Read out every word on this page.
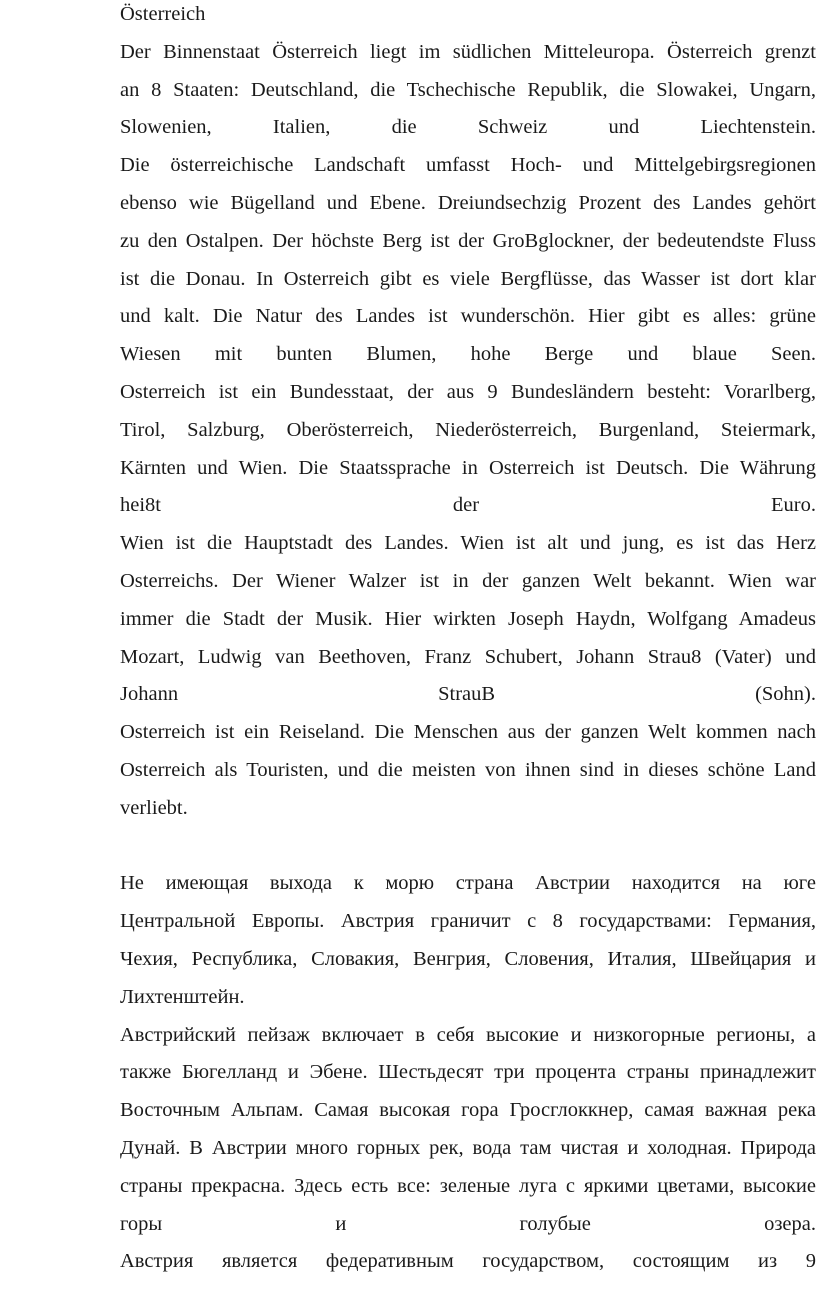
Österreich
Der Binnenstaat Österreich liegt im südlichen Mitteleuropa. Österreich grenzt
an 8 Staaten: Deutschland, die Tschechische Republik, die Slowakei, Ungarn,
Slowenien, Italien, die Schweiz und Liechtenstein.
Die österreichische Landschaft umfasst Hoch- und Mittelgebirgsregionen
ebenso wie Bügelland und Ebene. Dreiundsechzig Prozent des Landes gehört
zu den Ostalpen. Der höchste Berg ist der GroBglockner, der bedeutendste Fluss
ist die Donau. In Osterreich gibt es viele Bergflüsse, das Wasser ist dort klar
und kalt. Die Natur des Landes ist wunderschön. Hier gibt es alles: grüne
Wiesen mit bunten Blumen, hohe Berge und blaue Seen.
Osterreich ist ein Bundesstaat, der aus 9 Bundesländern besteht: Vorarlberg,
Tirol, Salzburg, Oberösterreich, Niederösterreich, Burgenland, Steiermark,
Kärnten und Wien. Die Staatssprache in Osterreich ist Deutsch. Die Währung
hei8t der Euro.
Wien ist die Hauptstadt des Landes. Wien ist alt und jung, es ist das Herz
Osterreichs. Der Wiener Walzer ist in der ganzen Welt bekannt. Wien war
immer die Stadt der Musik. Hier wirkten Joseph Haydn, Wolfgang Amadeus
Mozart, Ludwig van Beethoven, Franz Schubert, Johann Strau8 (Vater) und
Johann StrauB (Sohn).
Osterreich ist ein Reiseland. Die Menschen aus der ganzen Welt kommen nach
Osterreich als Touristen, und die meisten von ihnen sind in dieses schöne Land
verliebt.
Не имеющая выхода к морю страна Австрии находится на юге
Центральной Европы. Австрия граничит с 8 государствами: Германия,
Чехия, Республика, Словакия, Венгрия, Словения, Италия, Швейцария и
Лихтенштейн.
Австрийский пейзаж включает в себя высокие и низкогорные регионы, а
также Бюгелланд и Эбене. Шестьдесят три процента страны принадлежит
Восточным Альпам. Самая высокая гора Гросглоккнер, самая важная река
Дунай. В Австрии много горных рек, вода там чистая и холодная. Природа
страны прекрасна. Здесь есть все: зеленые луга с яркими цветами, высокие
горы и голубые озера.
Австрия является федеративным государством, состоящим из 9
